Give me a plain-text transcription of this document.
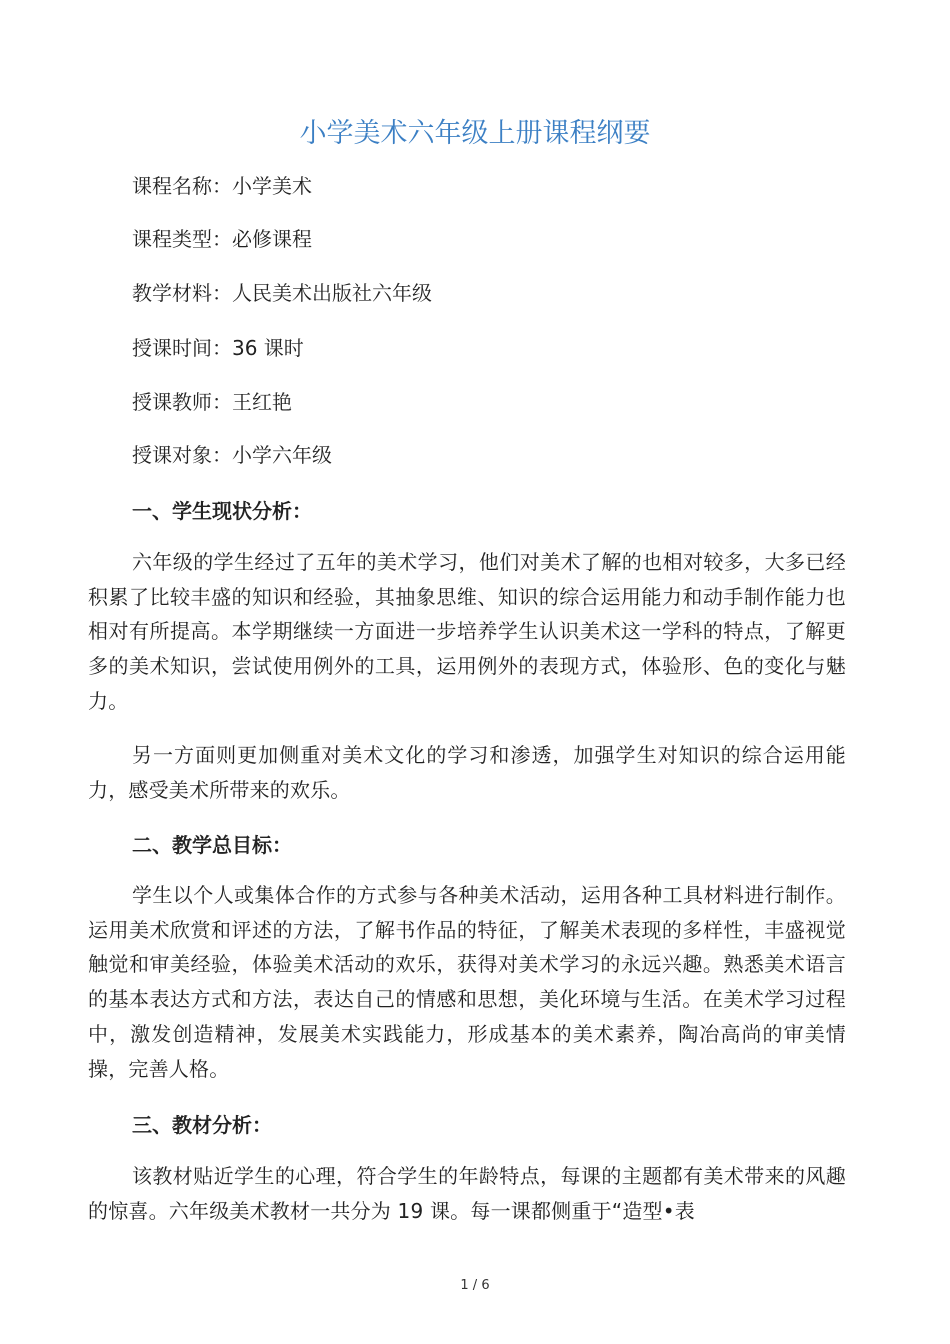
小学美术六年级上册课程纲要
课程名称：小学美术
课程类型：必修课程
教学材料：人民美术出版社六年级
授课时间：36 课时
授课教师：王红艳
授课对象：小学六年级
一、学生现状分析：

六年级的学生经过了五年的美术学习，他们对美术了解的也相对较多，大多已经积累了比较丰盛的知识和经验，其抽象思维、知识的综合运用能力和动手制作能力也相对有所提高。本学期继续一方面进一步培养学生认识美术这一学科的特点，了解更多的美术知识，尝试使用例外的工具，运用例外的表现方式，体验形、色的变化与魅力。

另一方面则更加侧重对美术文化的学习和渗透，加强学生对知识的综合运用能力，感受美术所带来的欢乐。

二、教学总目标：

学生以个人或集体合作的方式参与各种美术活动，运用各种工具材料进行制作。运用美术欣赏和评述的方法，了解书作品的特征，了解美术表现的多样性，丰盛视觉触觉和审美经验，体验美术活动的欢乐，获得对美术学习的永远兴趣。熟悉美术语言的基本表达方式和方法，表达自己的情感和思想，美化环境与生活。在美术学习过程中，激发创造精神，发展美术实践能力，形成基本的美术素养，陶冶高尚的审美情操，完善人格。

三、教材分析：

该教材贴近学生的心理，符合学生的年龄特点，每课的主题都有美术带来的风趣的惊喜。六年级美术教材一共分为 19 课。每一课都侧重于“造型•表

1 / 6
